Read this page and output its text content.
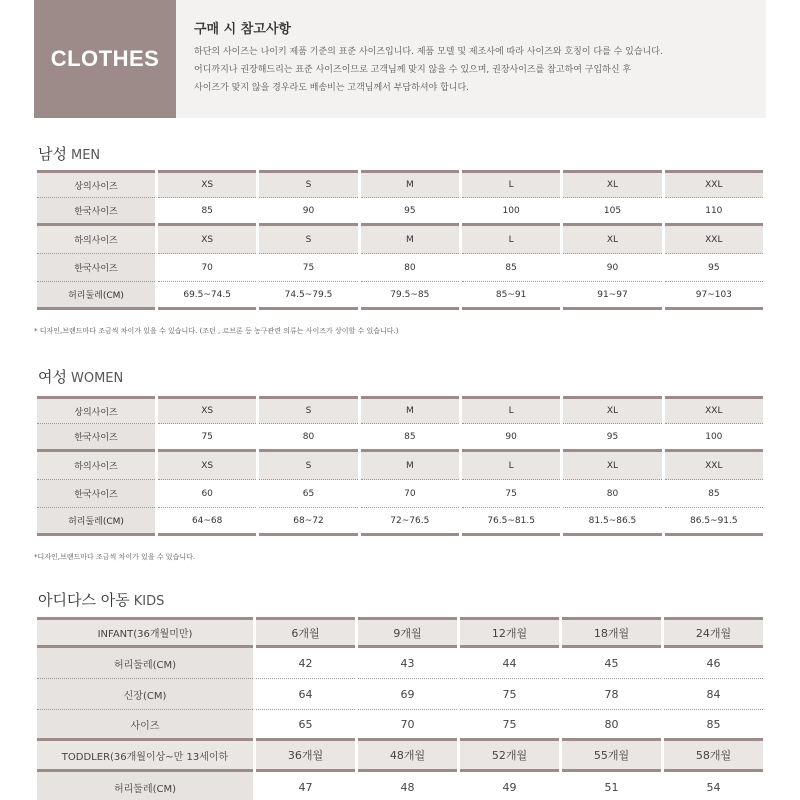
CLOTHES
구매 시 참고사항
하단의 사이즈는 나이키 제품 기준의 표준 사이즈입니다. 제품 모델 및 제조사에 따라 사이즈와 호칭이 다를 수 있습니다.
어디까지나 권장해드리는 표준 사이즈이므로 고객님께 맞지 않을 수 있으며, 권장사이즈를 참고하여 구입하신 후
사이즈가 맞지 않을 경우라도 배송비는 고객님께서 부담하셔야 합니다.
남성 MEN
상의사이즈	XS	S	M	L	XL	XXL
한국사이즈	85	90	95	100	105	110
하의사이즈	XS	S	M	L	XL	XXL
한국사이즈	70	75	80	85	90	95
허리둘레(CM)	69.5~74.5	74.5~79.5	79.5~85	85~91	91~97	97~103
* 디자인,브랜드마다 조금씩 차이가 있을 수 있습니다. (조던 , 르브론 등 농구관련 의류는 사이즈가 상이할 수 있습니다.)
여성 WOMEN
상의사이즈	XS	S	M	L	XL	XXL
한국사이즈	75	80	85	90	95	100
하의사이즈	XS	S	M	L	XL	XXL
한국사이즈	60	65	70	75	80	85
허리둘레(CM)	64~68	68~72	72~76.5	76.5~81.5	81.5~86.5	86.5~91.5
*디자인,브랜드마다 조금씩 차이가 있을 수 있습니다.
아디다스 아동 KIDS
INFANT(36개월미만)	6개월	9개월	12개월	18개월	24개월
허리둘레(CM)	42	43	44	45	46
신장(CM)	64	69	75	78	84
사이즈	65	70	75	80	85
TODDLER(36개월이상~만 13세이하	36개월	48개월	52개월	55개월	58개월
허리둘레(CM)	47	48	49	51	54
